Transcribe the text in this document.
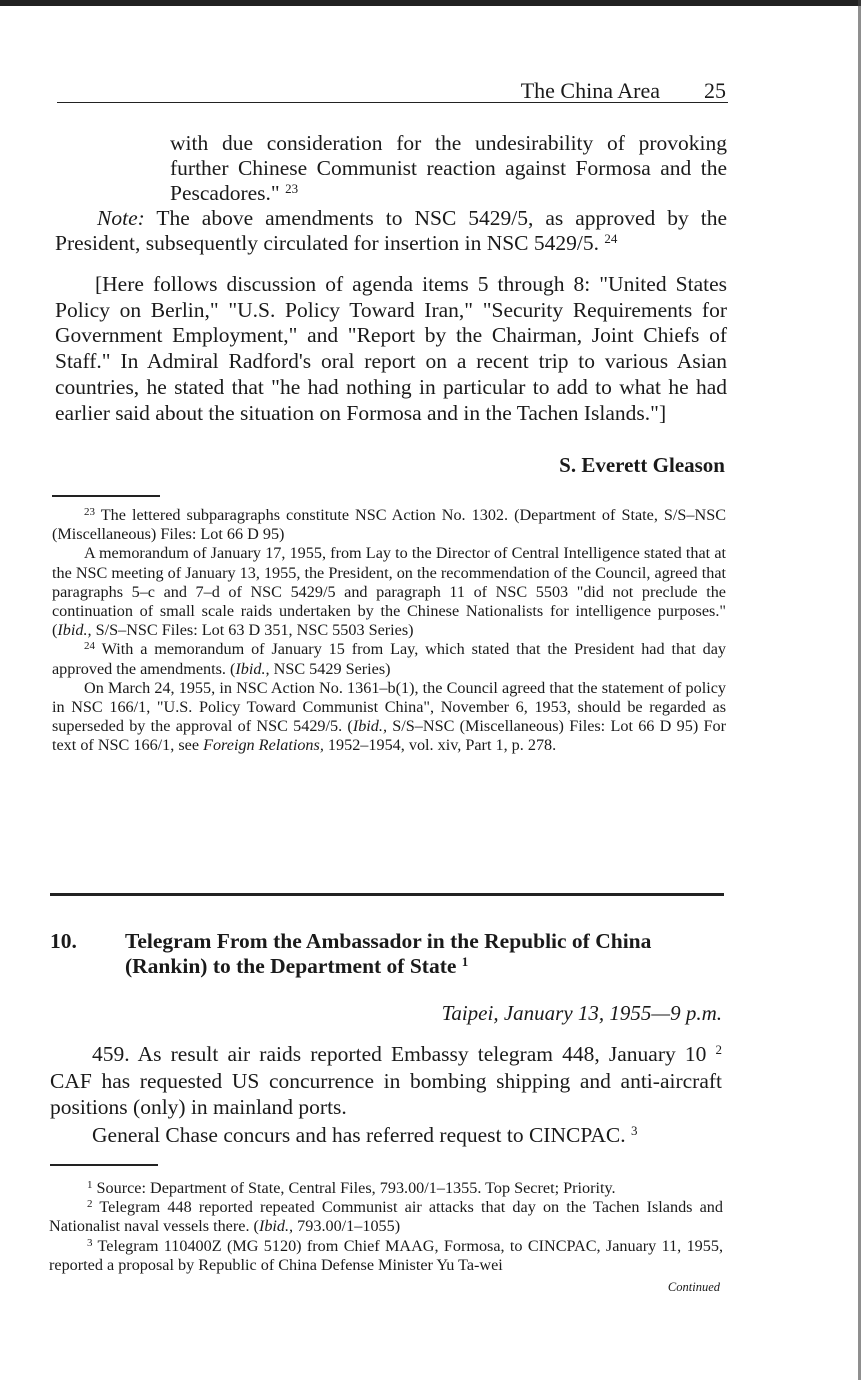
The China Area 25
with due consideration for the undesirability of provoking further Chinese Communist reaction against Formosa and the Pescadores." $^{23}$
Note: The above amendments to NSC 5429/5, as approved by the President, subsequently circulated for insertion in NSC 5429/5. $^{24}$
[Here follows discussion of agenda items 5 through 8: "United States Policy on Berlin," "U.S. Policy Toward Iran," "Security Requirements for Government Employment," and "Report by the Chairman, Joint Chiefs of Staff." In Admiral Radford's oral report on a recent trip to various Asian countries, he stated that "he had nothing in particular to add to what he had earlier said about the situation on Formosa and in the Tachen Islands."]
S. Everett Gleason

$^{23}$ The lettered subparagraphs constitute NSC Action No. 1302. (Department of State, S/S–NSC (Miscellaneous) Files: Lot 66 D 95)

A memorandum of January 17, 1955, from Lay to the Director of Central Intelligence stated that at the NSC meeting of January 13, 1955, the President, on the recommendation of the Council, agreed that paragraphs 5–c and 7–d of NSC 5429/5 and paragraph 11 of NSC 5503 "did not preclude the continuation of small scale raids undertaken by the Chinese Nationalists for intelligence purposes." (Ibid., S/S–NSC Files: Lot 63 D 351, NSC 5503 Series)

$^{24}$ With a memorandum of January 15 from Lay, which stated that the President had that day approved the amendments. (Ibid., NSC 5429 Series)

On March 24, 1955, in NSC Action No. 1361–b(1), the Council agreed that the statement of policy in NSC 166/1, "U.S. Policy Toward Communist China", November 6, 1953, should be regarded as superseded by the approval of NSC 5429/5. (Ibid., S/S–NSC (Miscellaneous) Files: Lot 66 D 95) For text of NSC 166/1, see Foreign Relations, 1952–1954, vol. xiv, Part 1, p. 278.

10. Telegram From the Ambassador in the Republic of China (Rankin) to the Department of State $^1$
Taipei, January 13, 1955—9 p.m.
459. As result air raids reported Embassy telegram 448, January 10 $^2$ CAF has requested US concurrence in bombing shipping and anti-aircraft positions (only) in mainland ports.
General Chase concurs and has referred request to CINCPAC. $^3$

$^1$ Source: Department of State, Central Files, 793.00/1–1355. Top Secret; Priority.

$^2$ Telegram 448 reported repeated Communist air attacks that day on the Tachen Islands and Nationalist naval vessels there. (Ibid., 793.00/1–1055)

$^3$ Telegram 110400Z (MG 5120) from Chief MAAG, Formosa, to CINCPAC, January 11, 1955, reported a proposal by Republic of China Defense Minister Yu Ta-wei

Continued
